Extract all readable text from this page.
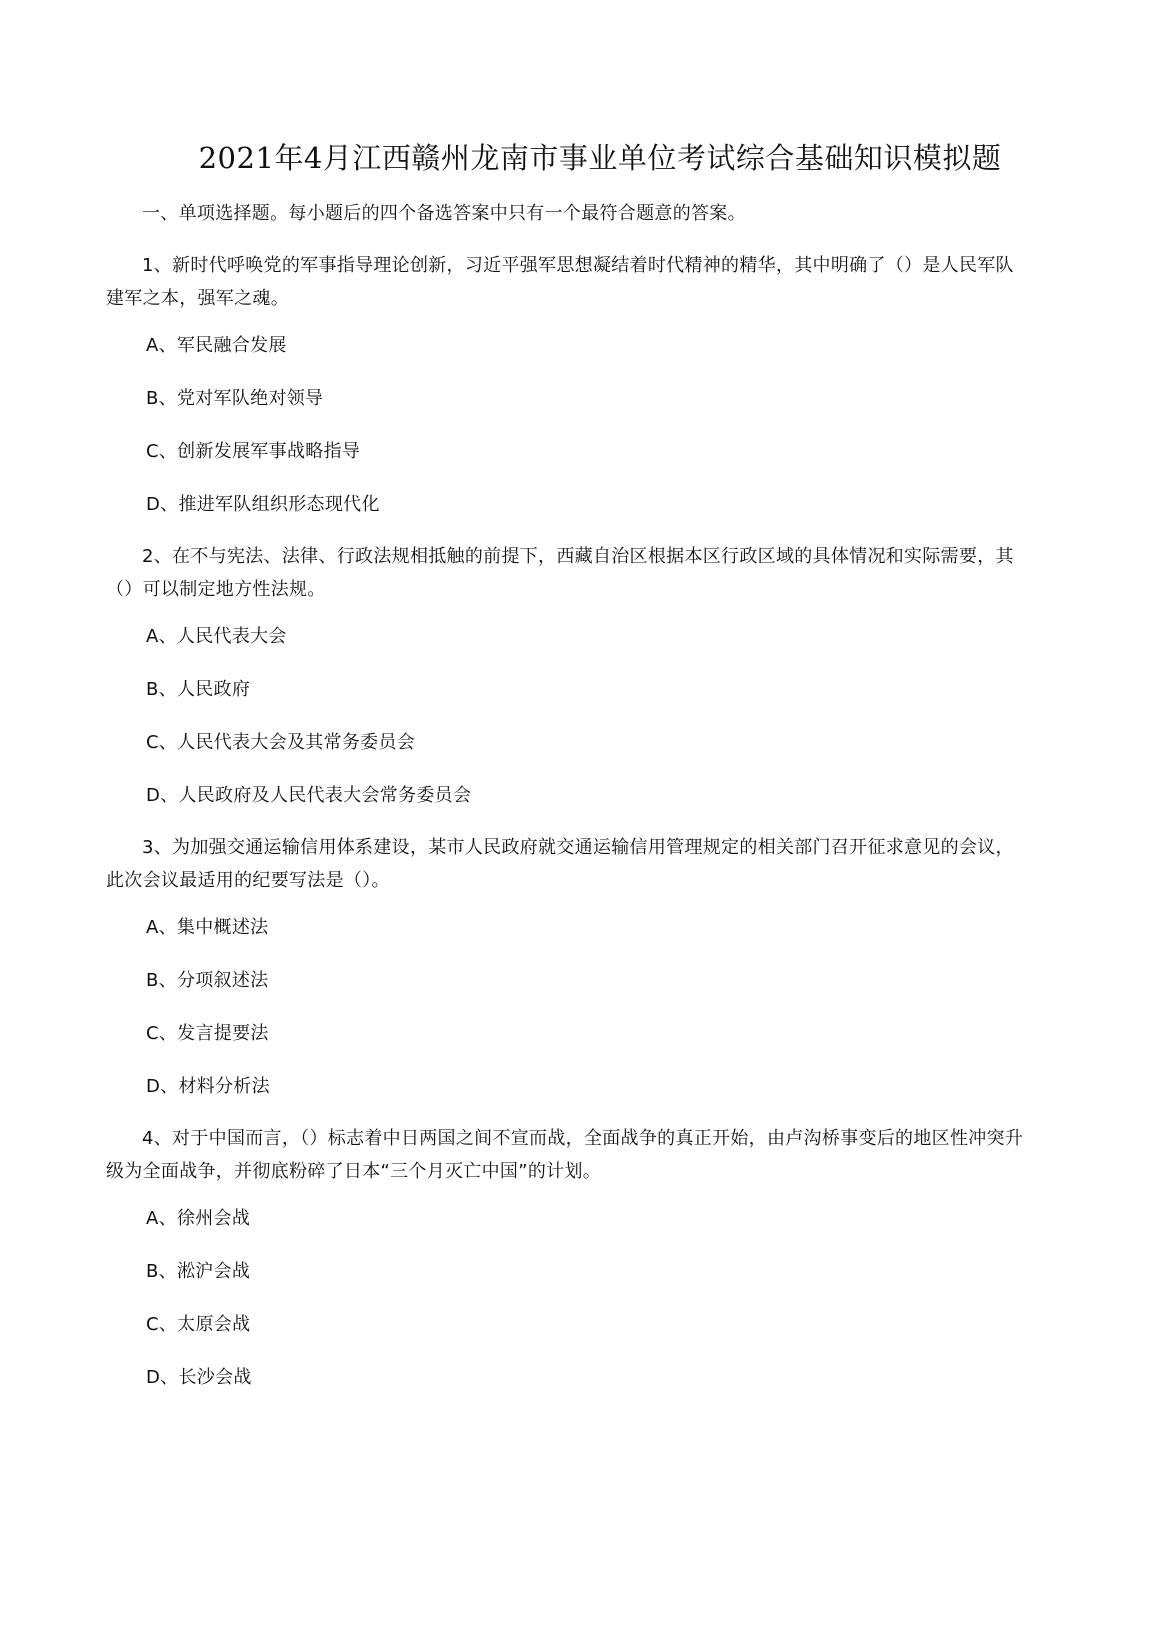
2021年4月江西赣州龙南市事业单位考试综合基础知识模拟题
一、单项选择题。每小题后的四个备选答案中只有一个最符合题意的答案。
1、新时代呼唤党的军事指导理论创新，习近平强军思想凝结着时代精神的精华，其中明确了（）是人民军队建军之本，强军之魂。
A、军民融合发展
B、党对军队绝对领导
C、创新发展军事战略指导
D、推进军队组织形态现代化
2、在不与宪法、法律、行政法规相抵触的前提下，西藏自治区根据本区行政区域的具体情况和实际需要，其（）可以制定地方性法规。
A、人民代表大会
B、人民政府
C、人民代表大会及其常务委员会
D、人民政府及人民代表大会常务委员会
3、为加强交通运输信用体系建设，某市人民政府就交通运输信用管理规定的相关部门召开征求意见的会议，此次会议最适用的纪要写法是（）。
A、集中概述法
B、分项叙述法
C、发言提要法
D、材料分析法
4、对于中国而言，（）标志着中日两国之间不宣而战，全面战争的真正开始，由卢沟桥事变后的地区性冲突升级为全面战争，并彻底粉碎了日本“三个月灭亡中国”的计划。
A、徐州会战
B、淞沪会战
C、太原会战
D、长沙会战
